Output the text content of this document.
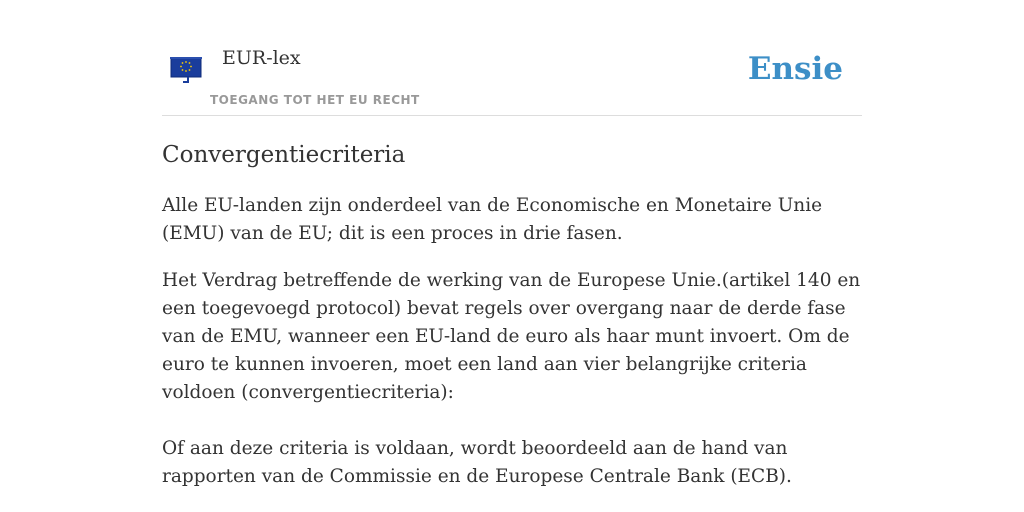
EUR-lex
TOEGANG TOT HET EU RECHT
Ensie
Convergentiecriteria

Alle EU-landen zijn onderdeel van de Economische en Monetaire Unie (EMU) van de EU; dit is een proces in drie fasen.

Het Verdrag betreffende de werking van de Europese Unie.(artikel 140 en een toegevoegd protocol) bevat regels over overgang naar de derde fase van de EMU, wanneer een EU-land de euro als haar munt invoert. Om de euro te kunnen invoeren, moet een land aan vier belangrijke criteria voldoen (convergentiecriteria):

Of aan deze criteria is voldaan, wordt beoordeeld aan de hand van rapporten van de Commissie en de Europese Centrale Bank (ECB).
